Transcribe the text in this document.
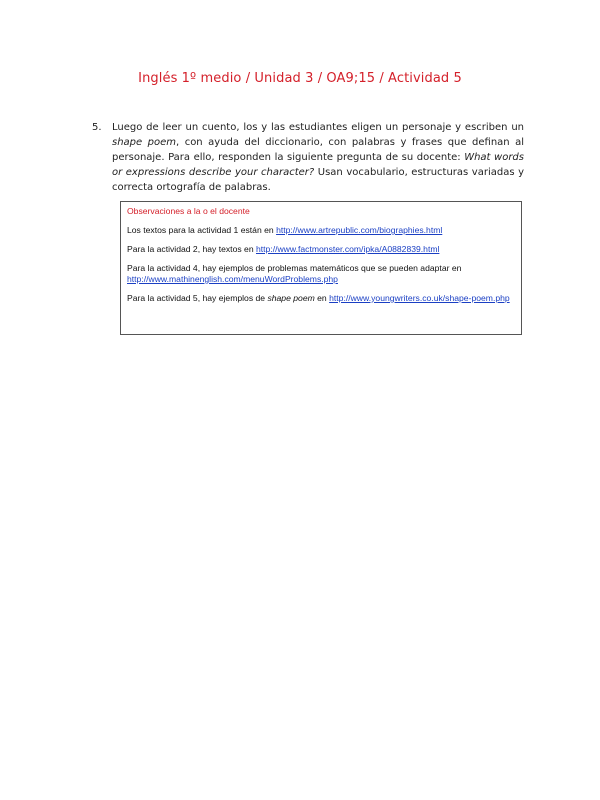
Inglés 1º medio / Unidad 3 / OA9;15 / Actividad 5
5.	Luego de leer un cuento, los y las estudiantes eligen un personaje y escriben un shape poem, con ayuda del diccionario, con palabras y frases que definan al personaje. Para ello, responden la siguiente pregunta de su docente: What words or expressions describe your character? Usan vocabulario, estructuras variadas y correcta ortografía de palabras.
Observaciones a la o el docente
Los textos para la actividad 1 están en http://www.artrepublic.com/biographies.html
Para la actividad 2, hay textos en http://www.factmonster.com/ipka/A0882839.html
Para la actividad 4, hay ejemplos de problemas matemáticos que se pueden adaptar en http://www.mathinenglish.com/menuWordProblems.php
Para la actividad 5, hay ejemplos de shape poem en http://www.youngwriters.co.uk/shape-poem.php
